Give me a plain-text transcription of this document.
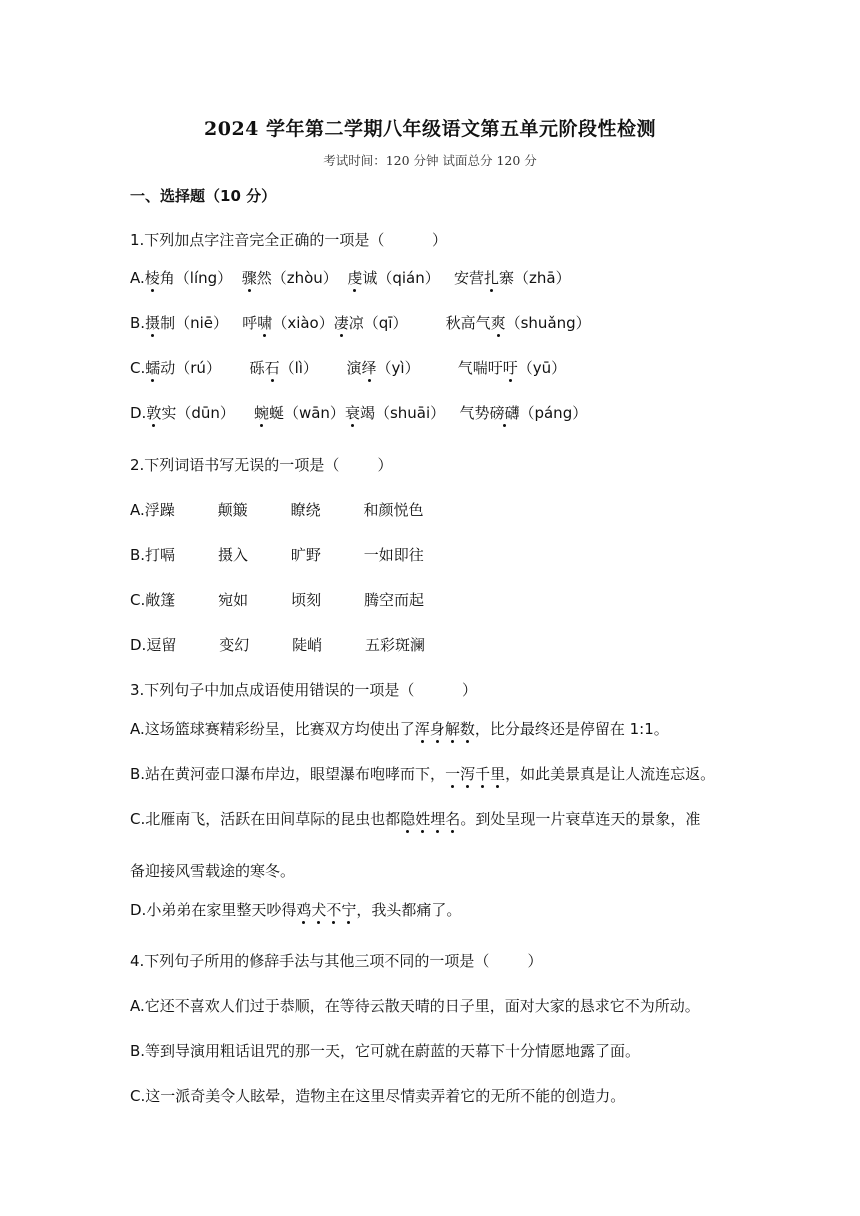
2024 学年第二学期八年级语文第五单元阶段性检测
考试时间：120 分钟 试面总分 120 分
一、选择题（10 分）
1.下列加点字注音完全正确的一项是（          ）
A.棱角（líng）  骤然（zhòu）  虔诚（qián）   安营扎寨（zhā）
B.摄制（niē）   呼啸（xiào）凄凉（qī）        秋高气爽（shuǎng）
C.蠕动（rú）      砾石（lì）      演绎（yì）        气喘吁吁（yū）
D.敦实（dūn）    蜿蜒（wān）衰竭（shuāi）   气势磅礴（páng）
2.下列词语书写无误的一项是（        ）
A.浮躁         颠簸         瞭绕         和颜悦色
B.打嗝         摄入         旷野         一如即往
C.敞篷         宛如         顷刻         腾空而起
D.逗留         变幻         陡峭         五彩斑澜
3.下列句子中加点成语使用错误的一项是（          ）
A.这场篮球赛精彩纷呈，比赛双方均使出了浑身解数，比分最终还是停留在 1:1。
B.站在黄河壶口瀑布岸边，眼望瀑布咆哮而下，一泻千里，如此美景真是让人流连忘返。
C.北雁南飞，活跃在田间草际的昆虫也都隐姓埋名。到处呈现一片衰草连天的景象，准
备迎接风雪载途的寒冬。
D.小弟弟在家里整天吵得鸡犬不宁，我头都痛了。
4.下列句子所用的修辞手法与其他三项不同的一项是（        ）
A.它还不喜欢人们过于恭顺，在等待云散天晴的日子里，面对大家的恳求它不为所动。
B.等到导演用粗话诅咒的那一天，它可就在蔚蓝的天幕下十分情愿地露了面。
C.这一派奇美令人眩晕，造物主在这里尽情卖弄着它的无所不能的创造力。
